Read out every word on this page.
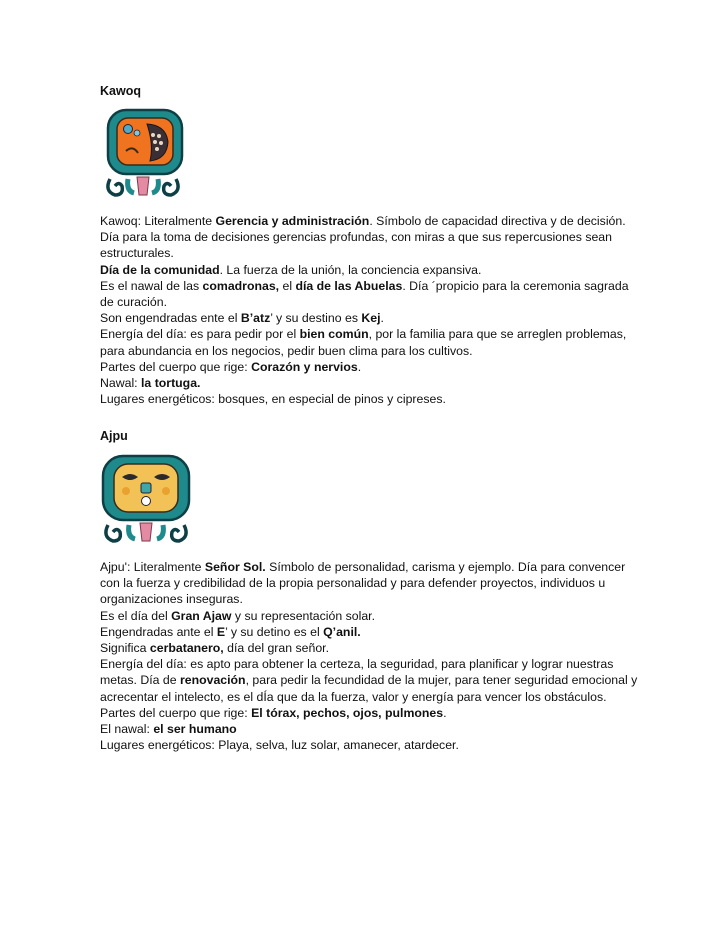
Kawoq

Kawoq: Literalmente Gerencia y administración. Símbolo de capacidad directiva y de decisión. Día para la toma de decisiones gerencias profundas, con miras a que sus repercusiones sean estructurales.

Día de la comunidad. La fuerza de la unión, la conciencia expansiva.

Es el nawal de las comadronas, el día de las Abuelas. Día ´propicio para la ceremonia sagrada de curación.

Son engendradas ente el B’atz’ y su destino es Kej.

Energía del día: es para pedir por el bien común, por la familia para que se arreglen problemas, para abundancia en los negocios, pedir buen clima para los cultivos.

Partes del cuerpo que rige: Corazón y nervios.

Nawal: la tortuga.

Lugares energéticos: bosques, en especial de pinos y cipreses.

Ajpu

Ajpu': Literalmente Señor Sol. Símbolo de personalidad, carisma y ejemplo. Día para convencer con la fuerza y credibilidad de la propia personalidad y para defender proyectos, individuos u organizaciones inseguras.

Es el día del Gran Ajaw y su representación solar.

Engendradas ante el E’ y su detino es el Q’anil.

Significa cerbatanero, día del gran señor.

Energía del día: es apto para obtener la certeza, la seguridad, para planificar y lograr nuestras metas. Día de renovación, para pedir la fecundidad de la mujer, para tener seguridad emocional y acrecentar el intelecto, es el dÍa que da la fuerza, valor y energía para vencer los obstáculos.

Partes del cuerpo que rige: El tórax, pechos, ojos, pulmones.

El nawal: el ser humano

Lugares energéticos: Playa, selva, luz solar, amanecer, atardecer.
